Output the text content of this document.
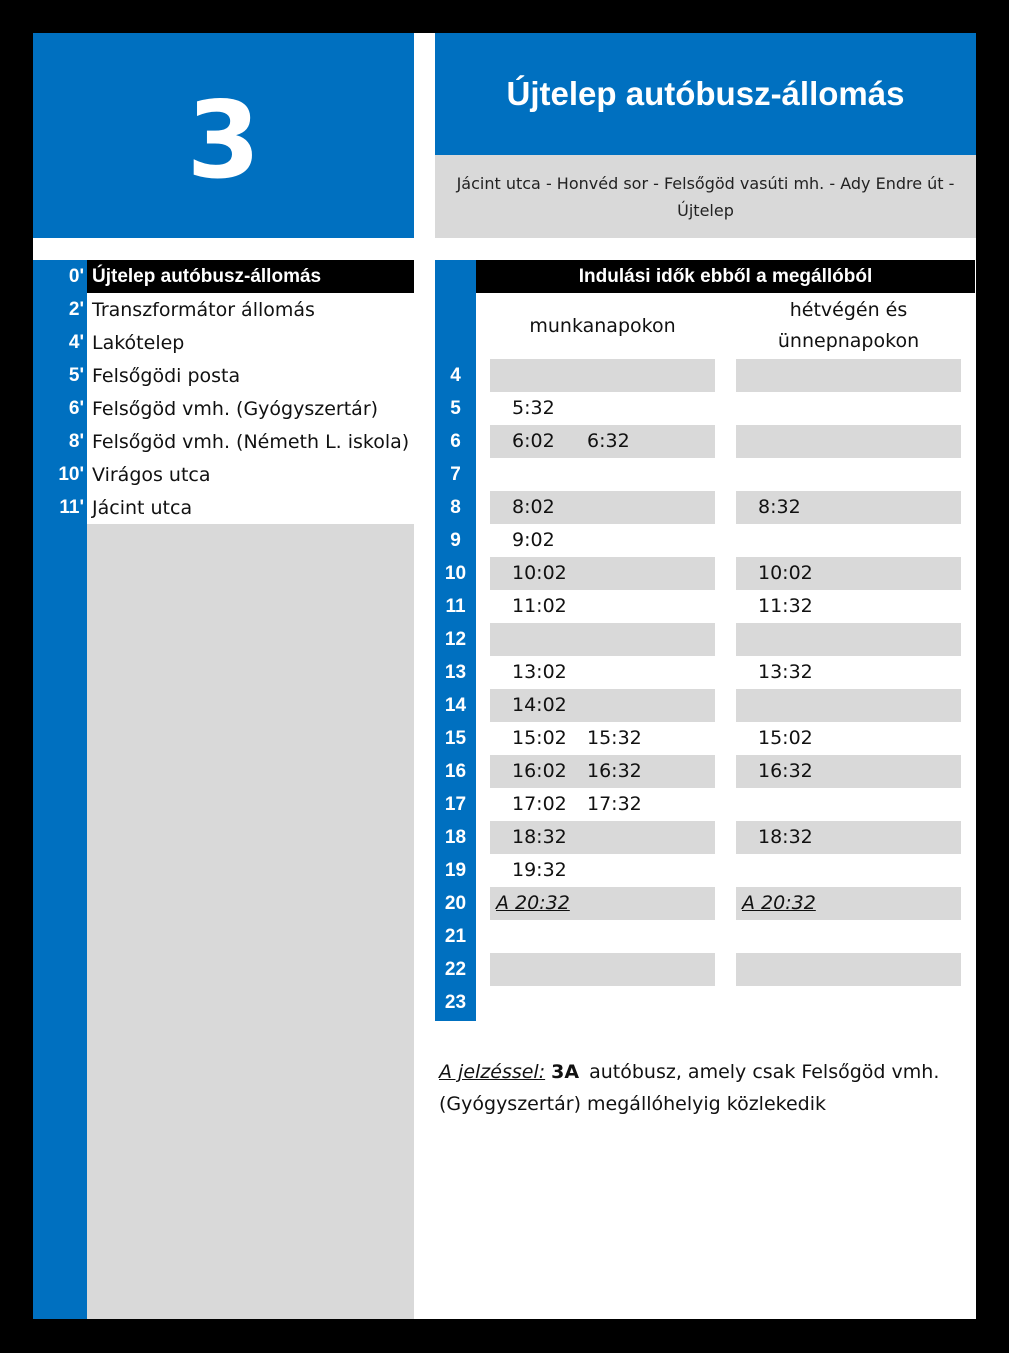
3	Újtelep autóbusz-állomás
Jácint utca - Honvéd sor - Felsőgöd vasúti mh. - Ady Endre út - Újtelep
0' Újtelep autóbusz-állomás
2' Transzformátor állomás
4' Lakótelep
5' Felsőgödi posta
6' Felsőgöd vmh. (Gyógyszertár)
8' Felsőgöd vmh. (Németh L. iskola)
10' Virágos utca
11' Jácint utca
Indulási idők ebből a megállóból
munkanapokon
hétvégén és
ünnepnapokon
4
5	5:32
6	6:02 6:32
7
8	8:02	8:32
9	9:02
10	10:02	10:02
11	11:02	11:32
12
13	13:02	13:32
14	14:02
15	15:02 15:32	15:02
16	16:02 16:32	16:32
17	17:02 17:32
18	18:32	18:32
19	19:32
20	A 20:32	A 20:32
21
22
23
A jelzéssel: 3A autóbusz, amely csak Felsőgöd vmh. (Gyógyszertár) megállóhelyig közlekedik
